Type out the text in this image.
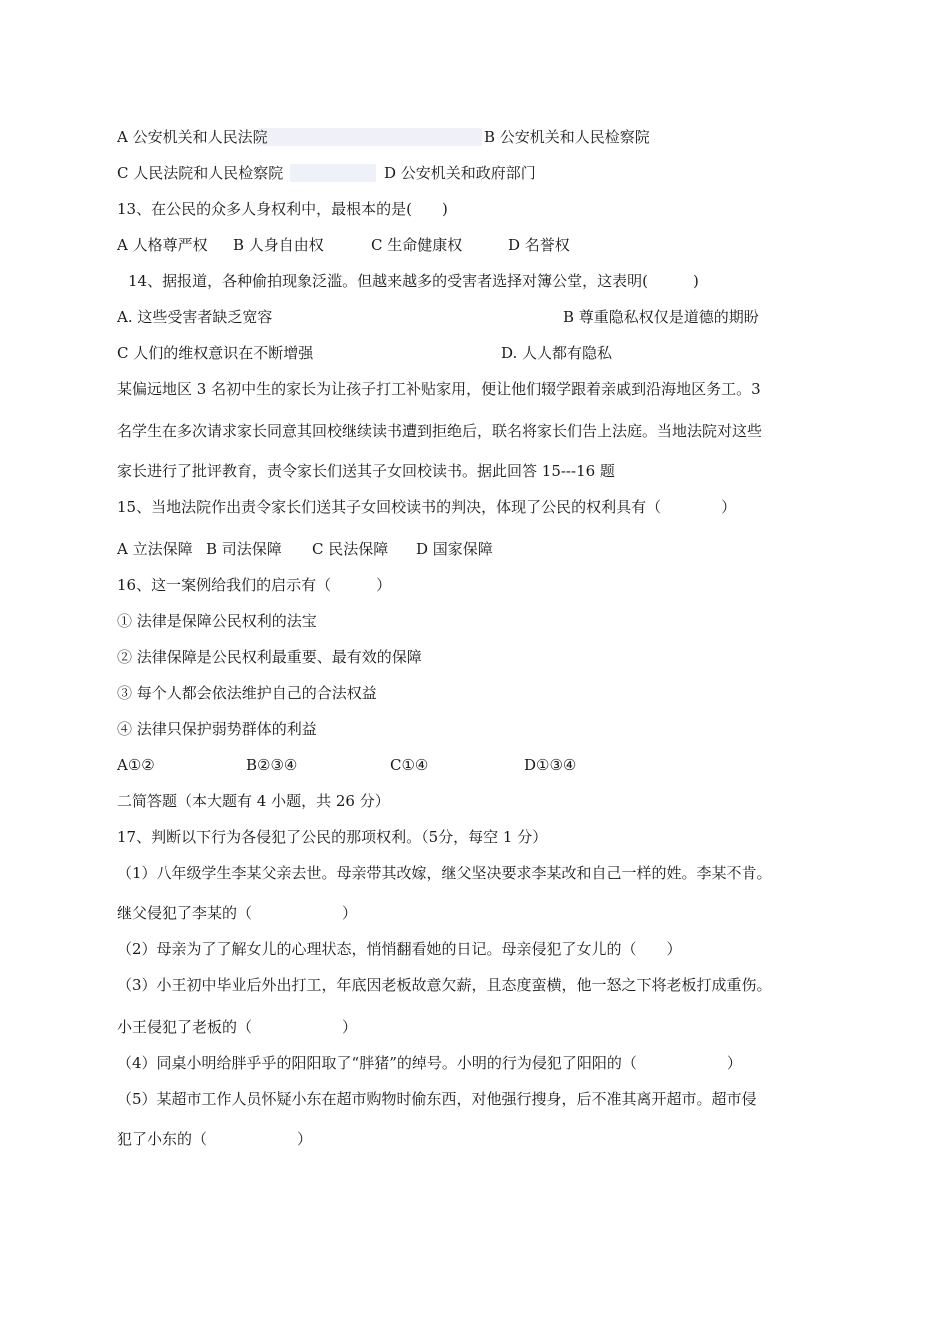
A 公安机关和人民法院	B 公安机关和人民检察院
C 人民法院和人民检察院	D 公安机关和政府部门
13、在公民的众多人身权利中，最根本的是(　　)
A 人格尊严权 B 人身自由权	C 生命健康权	D 名誉权
14、据报道，各种偷拍现象泛滥。但越来越多的受害者选择对簿公堂，这表明(　　　)
A. 这些受害者缺乏宽容	B 尊重隐私权仅是道德的期盼
C 人们的维权意识在不断增强	D. 人人都有隐私
某偏远地区 3 名初中生的家长为让孩子打工补贴家用，便让他们辍学跟着亲戚到沿海地区务工。3
名学生在多次请求家长同意其回校继续读书遭到拒绝后，联名将家长们告上法庭。当地法院对这些
家长进行了批评教育，责令家长们送其子女回校读书。据此回答 15---16 题
15、当地法院作出责令家长们送其子女回校读书的判决，体现了公民的权利具有（　　　　）
A 立法保障 B 司法保障 C 民法保障 D 国家保障
16、这一案例给我们的启示有（　　　）
① 法律是保障公民权利的法宝
② 法律保障是公民权利最重要、最有效的保障
③ 每个人都会依法维护自己的合法权益
④ 法律只保护弱势群体的利益
A①②	B②③④	C①④	D①③④
二简答题（本大题有 4 小题，共 26 分）
17、判断以下行为各侵犯了公民的那项权利。（5分，每空 1 分）
（1）八年级学生李某父亲去世。母亲带其改嫁，继父坚决要求李某改和自己一样的姓。李某不肯。
继父侵犯了李某的（　　　　　　）
（2）母亲为了了解女儿的心理状态，悄悄翻看她的日记。母亲侵犯了女儿的（　　）
（3）小王初中毕业后外出打工，年底因老板故意欠薪，且态度蛮横，他一怒之下将老板打成重伤。
小王侵犯了老板的（　　　　　　）
（4）同桌小明给胖乎乎的阳阳取了“胖猪”的绰号。小明的行为侵犯了阳阳的（　　　　　　）
（5）某超市工作人员怀疑小东在超市购物时偷东西，对他强行搜身，后不准其离开超市。超市侵
犯了小东的（　　　　　　）
